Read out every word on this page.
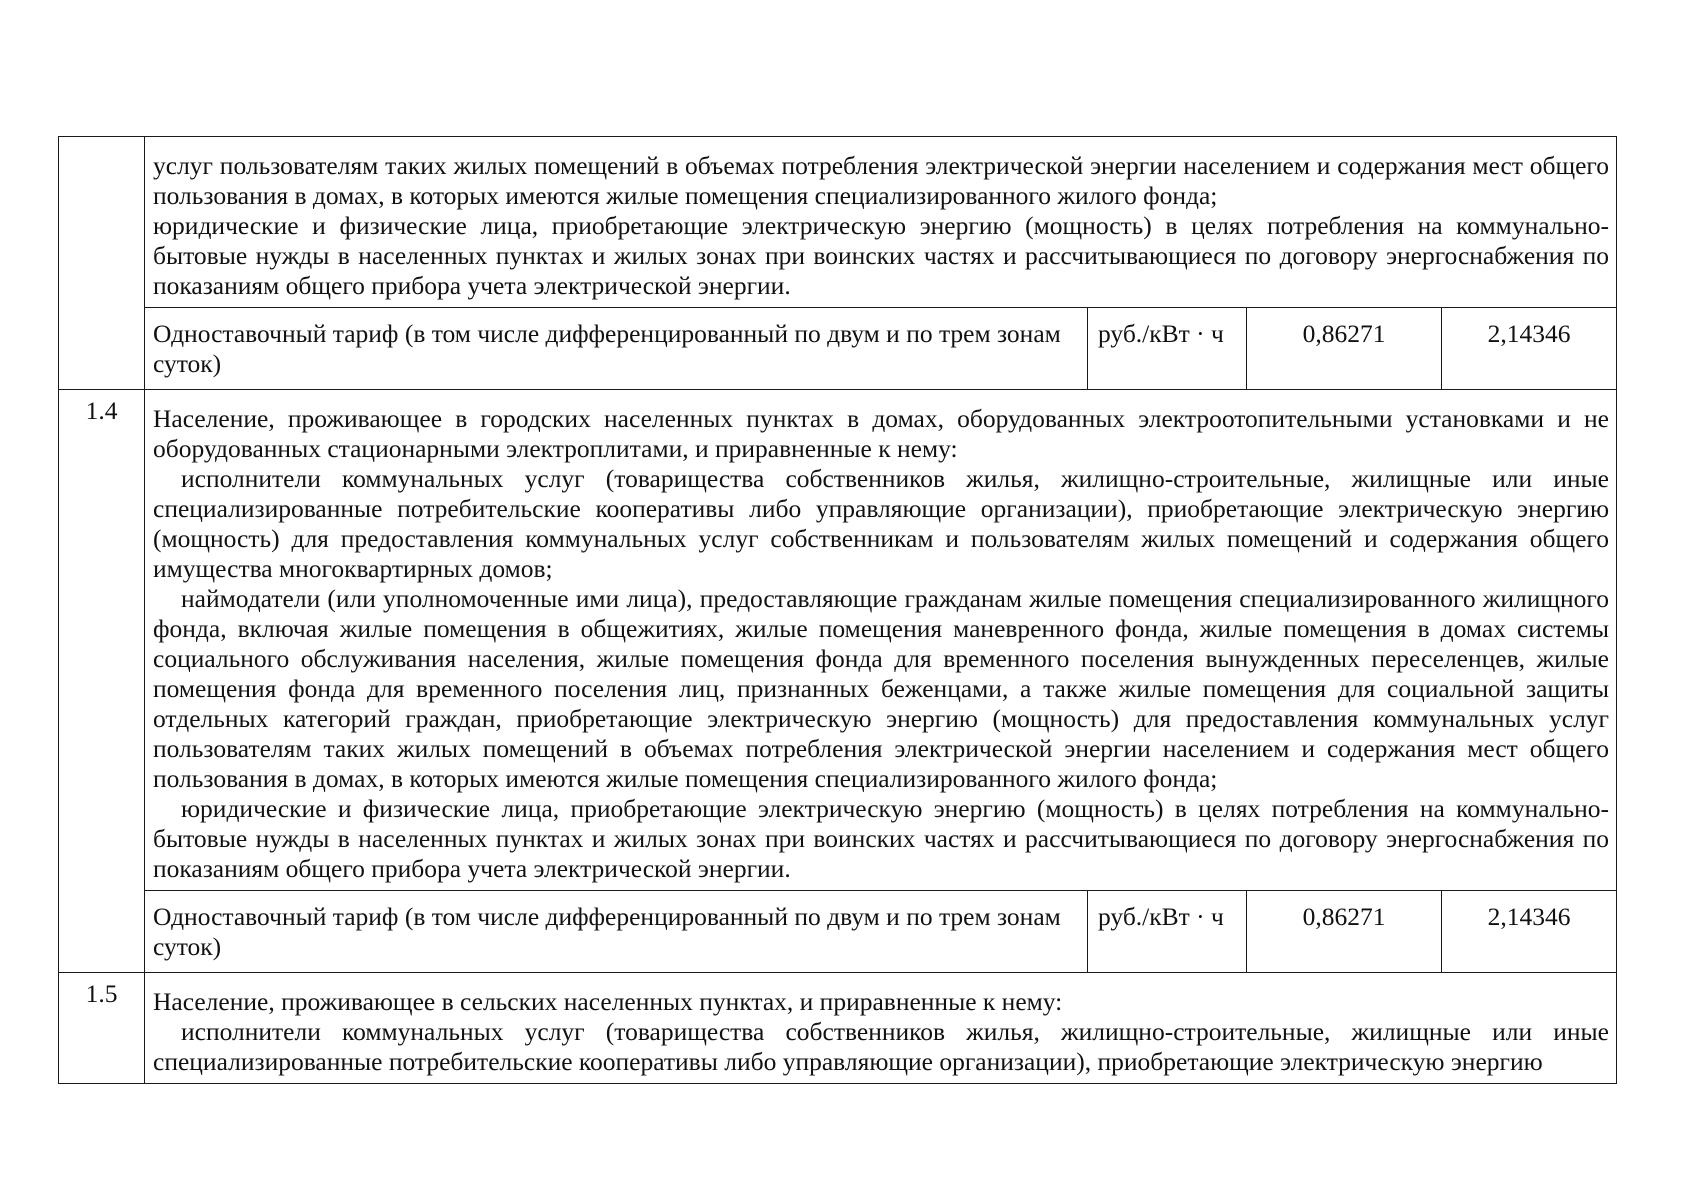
	услуг пользователям таких жилых помещений в объемах потребления электрической энергии населением и содержания мест общего пользования в домах, в которых имеются жилые помещения специализированного жилого фонда;

юридические и физические лица, приобретающие электрическую энергию (мощность) в целях потребления на коммунально-бытовые нужды в населенных пунктах и жилых зонах при воинских частях и рассчитывающиеся по договору энергоснабжения по показаниям общего прибора учета электрической энергии.			

	Одноставочный тариф (в том числе дифференцированный по двум и по трем зонам суток)	руб./кВт · ч	0,86271	2,14346
1.4	Население, проживающее в городских населенных пунктах в домах, оборудованных электроотопительными установками и не оборудованных стационарными электроплитами, и приравненные к нему:

исполнители коммунальных услуг (товарищества собственников жилья, жилищно-строительные, жилищные или иные специализированные потребительские кооперативы либо управляющие организации), приобретающие электрическую энергию (мощность) для предоставления коммунальных услуг собственникам и пользователям жилых помещений и содержания общего имущества многоквартирных домов;

наймодатели (или уполномоченные ими лица), предоставляющие гражданам жилые помещения специализированного жилищного фонда, включая жилые помещения в общежитиях, жилые помещения маневренного фонда, жилые помещения в домах системы социального обслуживания населения, жилые помещения фонда для временного поселения вынужденных переселенцев, жилые помещения фонда для временного поселения лиц, признанных беженцами, а также жилые помещения для социальной защиты отдельных категорий граждан, приобретающие электрическую энергию (мощность) для предоставления коммунальных услуг пользователям таких жилых помещений в объемах потребления электрической энергии населением и содержания мест общего пользования в домах, в которых имеются жилые помещения специализированного жилого фонда;

юридические и физические лица, приобретающие электрическую энергию (мощность) в целях потребления на коммунально-бытовые нужды в населенных пунктах и жилых зонах при воинских частях и рассчитывающиеся по договору энергоснабжения по показаниям общего прибора учета электрической энергии.			

	Одноставочный тариф (в том числе дифференцированный по двум и по трем зонам суток)	руб./кВт · ч	0,86271	2,14346
1.5	Население, проживающее в сельских населенных пунктах, и приравненные к нему:

исполнители коммунальных услуг (товарищества собственников жилья, жилищно-строительные, жилищные или иные специализированные потребительские кооперативы либо управляющие организации), приобретающие электрическую энергию			
